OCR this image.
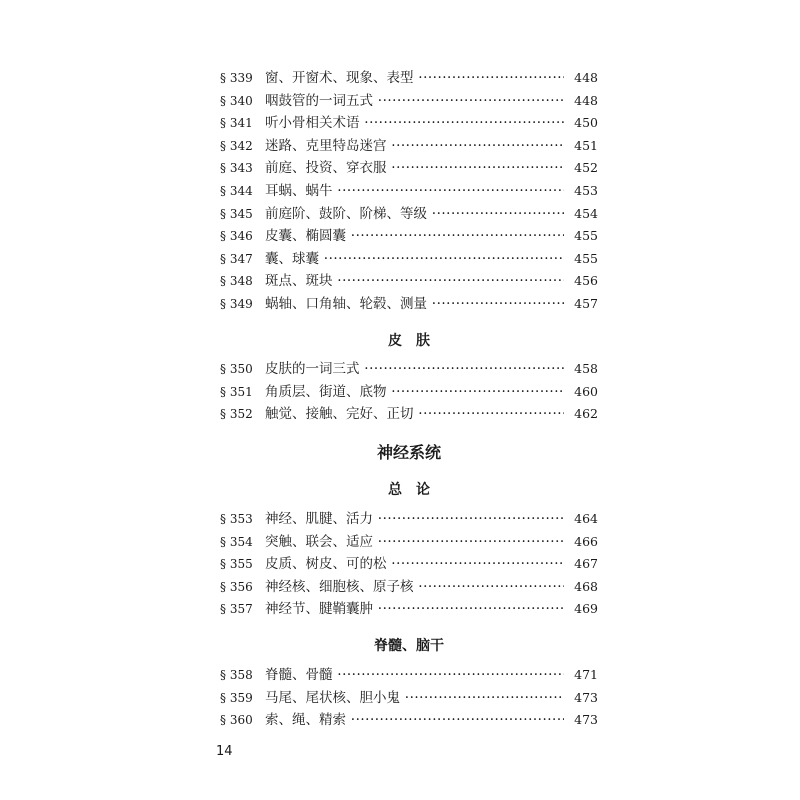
§ 339 窗、开窗术、现象、表型 ·····	448
§ 340 咽鼓管的一词五式 ·····	448
§ 341 听小骨相关术语 ·····	450
§ 342 迷路、克里特岛迷宫 ·····	451
§ 343 前庭、投资、穿衣服 ·····	452
§ 344 耳蜗、蜗牛 ·····	453
§ 345 前庭阶、鼓阶、阶梯、等级 ·····	454
§ 346 皮囊、椭圆囊 ·····	455
§ 347 囊、球囊 ·····	455
§ 348 斑点、斑块 ·····	456
§ 349 蜗轴、口角轴、轮毂、测量 ·····	457
皮　肤
§ 350 皮肤的一词三式 ·····	458
§ 351 角质层、街道、底物 ·····	460
§ 352 触觉、接触、完好、正切 ·····	462
神经系统
总　论
§ 353 神经、肌腱、活力 ·····	464
§ 354 突触、联会、适应 ·····	466
§ 355 皮质、树皮、可的松 ·····	467
§ 356 神经核、细胞核、原子核 ·····	468
§ 357 神经节、腱鞘囊肿 ·····	469
脊髓、脑干
§ 358 脊髓、骨髓 ·····	471
§ 359 马尾、尾状核、胆小鬼 ·····	473
§ 360 索、绳、精索 ·····	473
14
